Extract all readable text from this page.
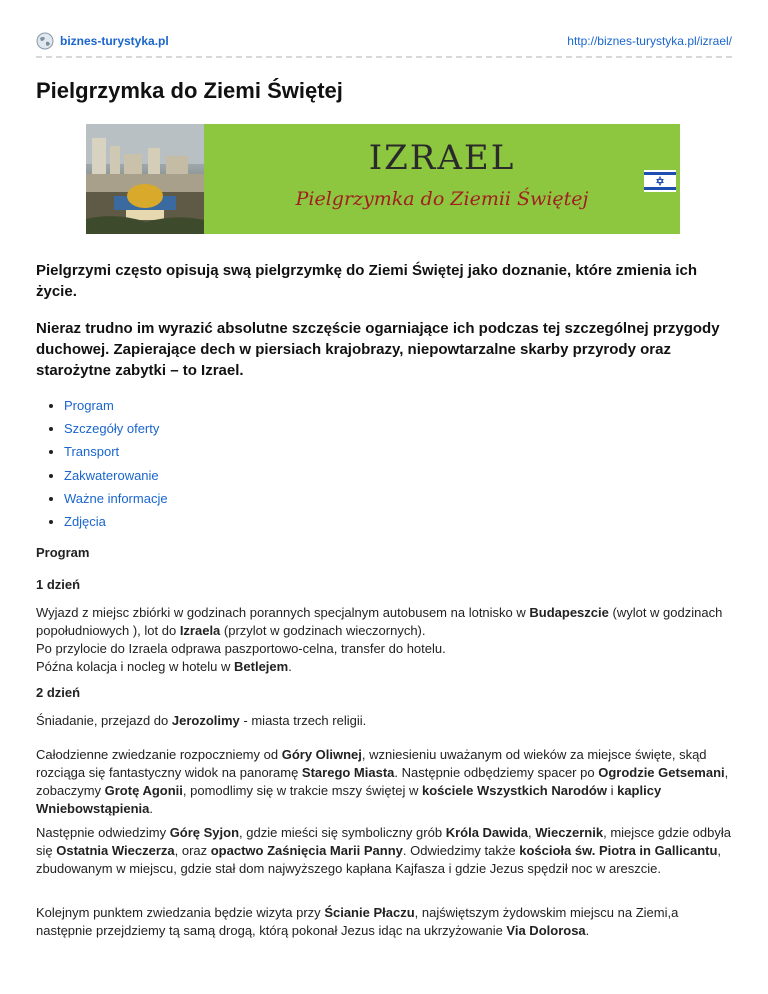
biznes-turystyka.pl	http://biznes-turystyka.pl/izrael/
Pielgrzymka do Ziemi Świętej
IZRAEL
Pielgrzymka do Ziemii Świętej

Pielgrzymi często opisują swą pielgrzymkę do Ziemi Świętej jako doznanie, które zmienia ich życie.

Nieraz trudno im wyrazić absolutne szczęście ogarniające ich podczas tej szczególnej przygody duchowej. Zapierające dech w piersiach krajobrazy, niepowtarzalne skarby przyrody oraz starożytne zabytki – to Izrael.

• Program
• Szczegóły oferty
• Transport
• Zakwaterowanie
• Ważne informacje
• Zdjęcia

Program

1 dzień

Wyjazd z miejsc zbiórki w godzinach porannych specjalnym autobusem na lotnisko w Budapeszcie (wylot w godzinach popołudniowych ), lot do Izraela (przylot w godzinach wieczornych).
Po przylocie do Izraela odprawa paszportowo-celna, transfer do hotelu.
Późna kolacja i nocleg w hotelu w Betlejem.

2 dzień

Śniadanie, przejazd do Jerozolimy - miasta trzech religii.

Całodzienne zwiedzanie rozpoczniemy od Góry Oliwnej, wzniesieniu uważanym od wieków za miejsce święte, skąd rozciąga się fantastyczny widok na panoramę Starego Miasta. Następnie odbędziemy spacer po Ogrodzie Getsemani, zobaczymy Grotę Agonii, pomodlimy się w trakcie mszy świętej w kościele Wszystkich Narodów i kaplicy Wniebowstąpienia.

Następnie odwiedzimy Górę Syjon, gdzie mieści się symboliczny grób Króla Dawida, Wieczernik, miejsce gdzie odbyła się Ostatnia Wieczerza, oraz opactwo Zaśnięcia Marii Panny. Odwiedzimy także kościoła św. Piotra in Gallicantu, zbudowanym w miejscu, gdzie stał dom najwyższego kapłana Kajfasza i gdzie Jezus spędził noc w areszcie.

Kolejnym punktem zwiedzania będzie wizyta przy Ścianie Płaczu, najświętszym żydowskim miejscu na Ziemi,a następnie przejdziemy tą samą drogą, którą pokonał Jezus idąc na ukrzyżowanie Via Dolorosa.
